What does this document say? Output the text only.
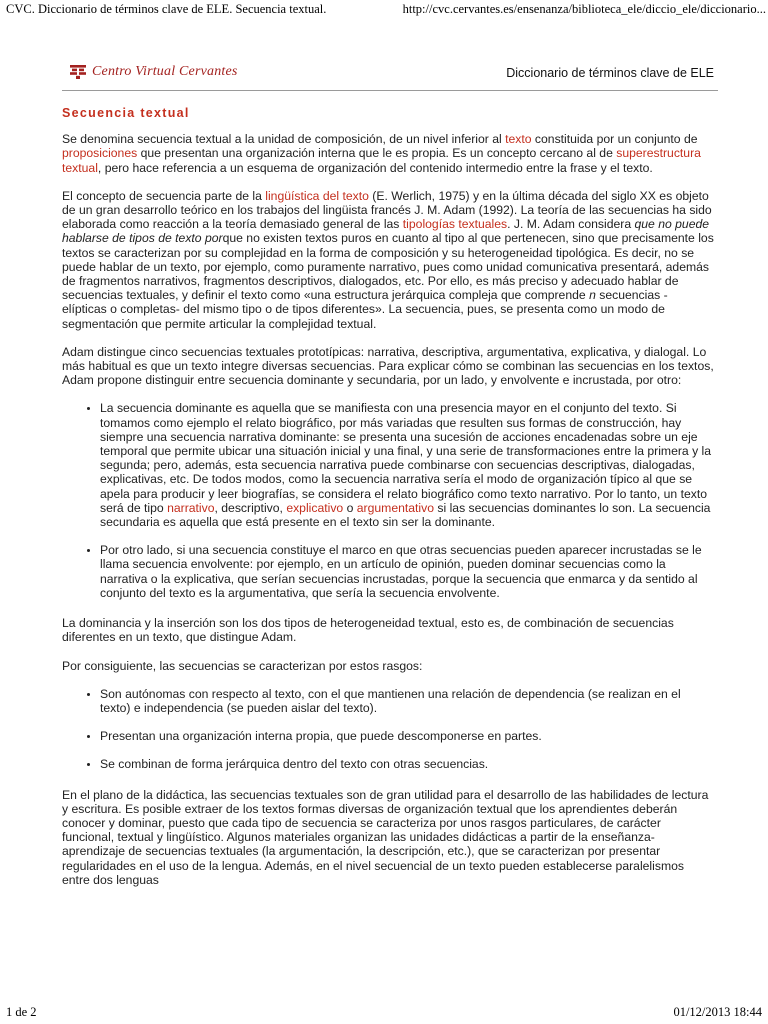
CVC. Diccionario de términos clave de ELE. Secuencia textual.	http://cvc.cervantes.es/ensenanza/biblioteca_ele/diccio_ele/diccionario...
Centro Virtual Cervantes	Diccionario de términos clave de ELE
Secuencia textual

Se denomina secuencia textual a la unidad de composición, de un nivel inferior al texto constituida por un conjunto de proposiciones que presentan una organización interna que le es propia. Es un concepto cercano al de superestructura textual, pero hace referencia a un esquema de organización del contenido intermedio entre la frase y el texto.

El concepto de secuencia parte de la lingüística del texto (E. Werlich, 1975) y en la última década del siglo XX es objeto de un gran desarrollo teórico en los trabajos del lingüista francés J. M. Adam (1992). La teoría de las secuencias ha sido elaborada como reacción a la teoría demasiado general de las tipologías textuales. J. M. Adam considera que no puede hablarse de tipos de texto porque no existen textos puros en cuanto al tipo al que pertenecen, sino que precisamente los textos se caracterizan por su complejidad en la forma de composición y su heterogeneidad tipológica. Es decir, no se puede hablar de un texto, por ejemplo, como puramente narrativo, pues como unidad comunicativa presentará, además de fragmentos narrativos, fragmentos descriptivos, dialogados, etc. Por ello, es más preciso y adecuado hablar de secuencias textuales, y definir el texto como «una estructura jerárquica compleja que comprende n secuencias - elípticas o completas- del mismo tipo o de tipos diferentes». La secuencia, pues, se presenta como un modo de segmentación que permite articular la complejidad textual.

Adam distingue cinco secuencias textuales prototípicas: narrativa, descriptiva, argumentativa, explicativa, y dialogal. Lo más habitual es que un texto integre diversas secuencias. Para explicar cómo se combinan las secuencias en los textos, Adam propone distinguir entre secuencia dominante y secundaria, por un lado, y envolvente e incrustada, por otro:

• La secuencia dominante es aquella que se manifiesta con una presencia mayor en el conjunto del texto. Si tomamos como ejemplo el relato biográfico, por más variadas que resulten sus formas de construcción, hay siempre una secuencia narrativa dominante: se presenta una sucesión de acciones encadenadas sobre un eje temporal que permite ubicar una situación inicial y una final, y una serie de transformaciones entre la primera y la segunda; pero, además, esta secuencia narrativa puede combinarse con secuencias descriptivas, dialogadas, explicativas, etc. De todos modos, como la secuencia narrativa sería el modo de organización típico al que se apela para producir y leer biografías, se considera el relato biográfico como texto narrativo. Por lo tanto, un texto será de tipo narrativo, descriptivo, explicativo o argumentativo si las secuencias dominantes lo son. La secuencia secundaria es aquella que está presente en el texto sin ser la dominante.
• Por otro lado, si una secuencia constituye el marco en que otras secuencias pueden aparecer incrustadas se le llama secuencia envolvente: por ejemplo, en un artículo de opinión, pueden dominar secuencias como la narrativa o la explicativa, que serían secuencias incrustadas, porque la secuencia que enmarca y da sentido al conjunto del texto es la argumentativa, que sería la secuencia envolvente.

La dominancia y la inserción son los dos tipos de heterogeneidad textual, esto es, de combinación de secuencias diferentes en un texto, que distingue Adam.

Por consiguiente, las secuencias se caracterizan por estos rasgos:

• Son autónomas con respecto al texto, con el que mantienen una relación de dependencia (se realizan en el texto) e independencia (se pueden aislar del texto).
• Presentan una organización interna propia, que puede descomponerse en partes.
• Se combinan de forma jerárquica dentro del texto con otras secuencias.

En el plano de la didáctica, las secuencias textuales son de gran utilidad para el desarrollo de las habilidades de lectura y escritura. Es posible extraer de los textos formas diversas de organización textual que los aprendientes deberán conocer y dominar, puesto que cada tipo de secuencia se caracteriza por unos rasgos particulares, de carácter funcional, textual y lingüístico. Algunos materiales organizan las unidades didácticas a partir de la enseñanza-aprendizaje de secuencias textuales (la argumentación, la descripción, etc.), que se caracterizan por presentar regularidades en el uso de la lengua. Además, en el nivel secuencial de un texto pueden establecerse paralelismos entre dos lenguas

1 de 2	01/12/2013 18:44
